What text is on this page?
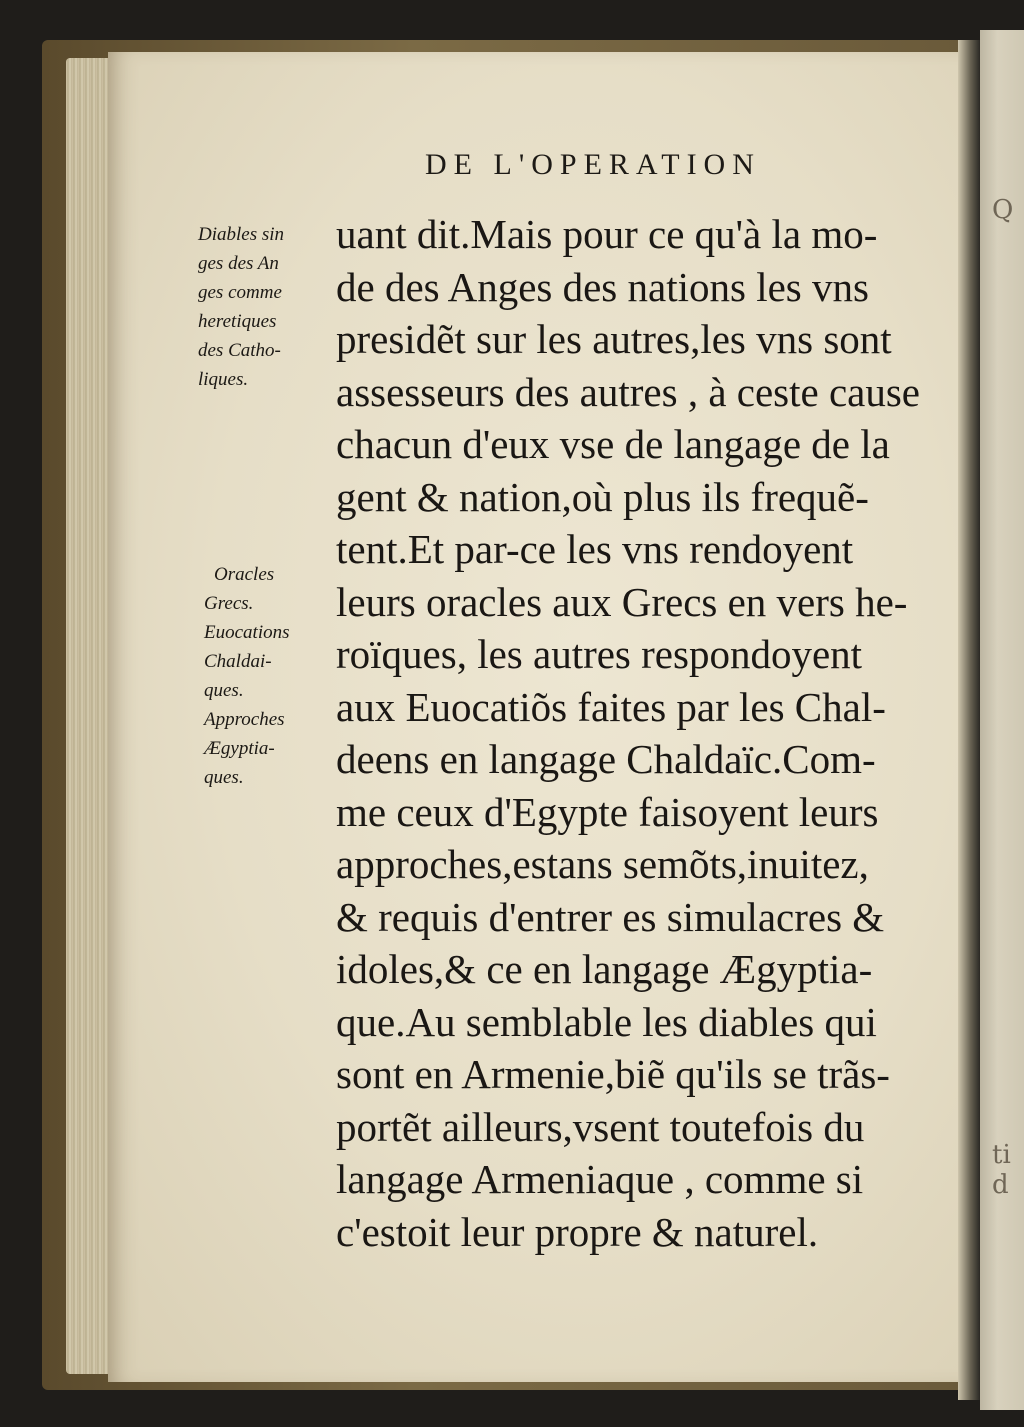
Q
ti
d
DE L'OPERATION
uant dit.Mais pour ce qu'à la mo-
de des Anges des nations les vns
presidẽt sur les autres,les vns sont
assesseurs des autres , à ceste cause
chacun d'eux vse de langage de la
gent & nation,où plus ils frequẽ-
tent.Et par-ce les vns rendoyent
leurs oracles aux Grecs en vers he-
roïques, les autres respondoyent
aux Euocatiõs faites par les Chal-
deens en langage Chaldaïc.Com-
me ceux d'Egypte faisoyent leurs
approches,estans semõts,inuitez,
& requis d'entrer es simulacres &
idoles,& ce en langage Ægyptia-
que.Au semblable les diables qui
sont en Armenie,biẽ qu'ils se trãs-
portẽt ailleurs,vsent toutefois du
langage Armeniaque , comme si
c'estoit leur propre & naturel.
Diables sin
ges des An
ges comme
heretiques
des Catho-
liques.
Oracles
Grecs.
Euocations
Chaldai-
ques.
Approches
Ægyptia-
ques.
